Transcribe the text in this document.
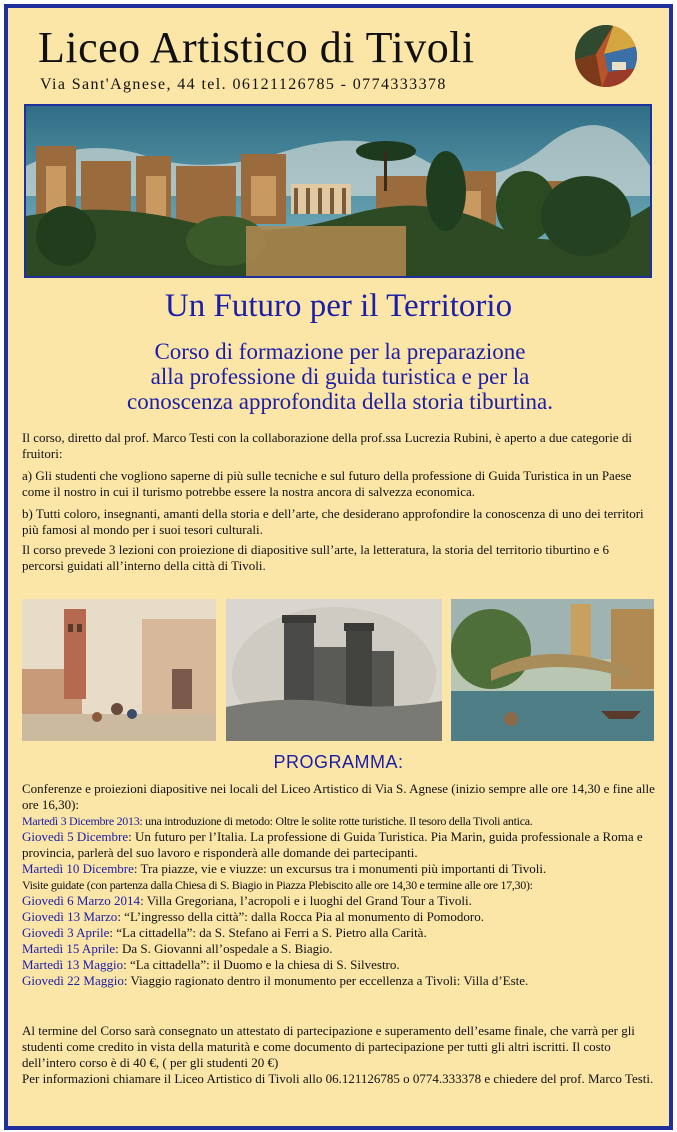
Liceo Artistico di Tivoli
Via Sant'Agnese, 44 tel. 06121126785 - 0774333378
Un Futuro per il Territorio
Corso di formazione per la preparazione
alla professione di guida turistica e per la
conoscenza approfondita della storia tiburtina.

Il corso, diretto dal prof. Marco Testi con la collaborazione della prof.ssa Lucrezia Rubini, è aperto a due categorie di fruitori:

a) Gli studenti che vogliono saperne di più sulle tecniche e sul futuro della professione di Guida Turistica in un Paese come il nostro in cui il turismo potrebbe essere la nostra ancora di salvezza economica.

b) Tutti coloro, insegnanti, amanti della storia e dell’arte, che desiderano approfondire la conoscenza di uno dei territori più famosi al mondo per i suoi tesori culturali.

Il corso prevede 3 lezioni con proiezione di diapositive sull’arte, la letteratura, la storia del territorio tiburtino e 6 percorsi guidati all’interno della città di Tivoli.

PROGRAMMA:
Conferenze e proiezioni diapositive nei locali del Liceo Artistico di Via S. Agnese (inizio sempre alle ore 14,30 e fine alle ore 16,30):
Martedì 3 Dicembre 2013: una introduzione di metodo: Oltre le solite rotte turistiche. Il tesoro della Tivoli antica.
Giovedì 5 Dicembre: Un futuro per l’Italia. La professione di Guida Turistica. Pia Marin, guida professionale a Roma e provincia, parlerà del suo lavoro e risponderà alle domande dei partecipanti.
Martedì 10 Dicembre: Tra piazze, vie e viuzze: un excursus tra i monumenti più importanti di Tivoli.
Visite guidate (con partenza dalla Chiesa di S. Biagio in Piazza Plebiscito alle ore 14,30 e termine alle ore 17,30):
Giovedì 6 Marzo 2014: Villa Gregoriana, l’acropoli e i luoghi del Grand Tour a Tivoli.
Giovedì 13 Marzo: “L’ingresso della città”: dalla Rocca Pia al monumento di Pomodoro.
Giovedì 3 Aprile: “La cittadella”: da S. Stefano ai Ferri a S. Pietro alla Carità.
Martedì 15 Aprile: Da S. Giovanni all’ospedale a S. Biagio.
Martedì 13 Maggio: “La cittadella”: il Duomo e la chiesa di S. Silvestro.
Giovedì 22 Maggio: Viaggio ragionato dentro il monumento per eccellenza a Tivoli: Villa d’Este.

Al termine del Corso sarà consegnato un attestato di partecipazione e superamento dell’esame finale, che varrà per gli studenti come credito in vista della maturità e come documento di partecipazione per tutti gli altri iscritti. Il costo dell’intero corso è di 40 €, ( per gli studenti 20 €)

Per informazioni chiamare il Liceo Artistico di Tivoli allo 06.121126785 o 0774.333378 e chiedere del prof. Marco Testi.
